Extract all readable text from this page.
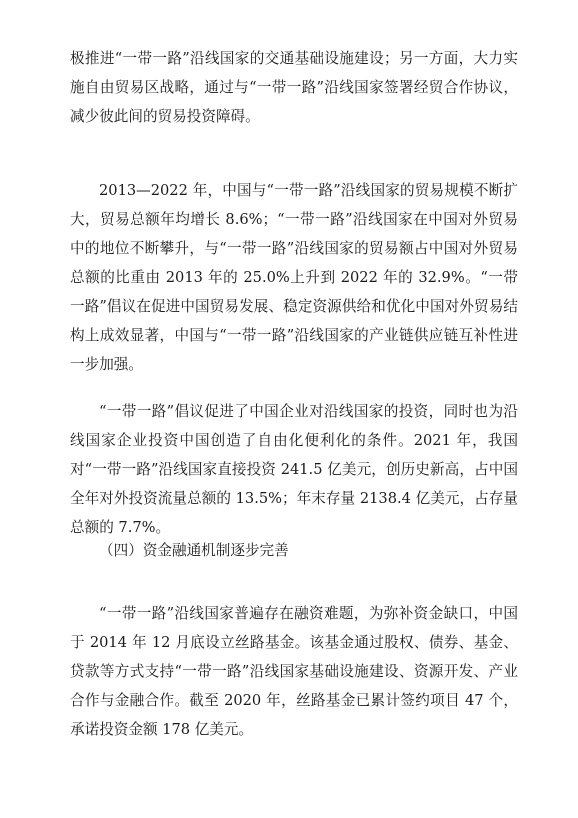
极推进“一带一路”沿线国家的交通基础设施建设；另一方面，大力实施自由贸易区战略，通过与“一带一路”沿线国家签署经贸合作协议，减少彼此间的贸易投资障碍。

2013—2022 年，中国与“一带一路”沿线国家的贸易规模不断扩大，贸易总额年均增长 8.6%；“一带一路”沿线国家在中国对外贸易中的地位不断攀升，与“一带一路”沿线国家的贸易额占中国对外贸易总额的比重由 2013 年的 25.0%上升到 2022 年的 32.9%。“一带一路”倡议在促进中国贸易发展、稳定资源供给和优化中国对外贸易结构上成效显著，中国与“一带一路”沿线国家的产业链供应链互补性进一步加强。

“一带一路”倡议促进了中国企业对沿线国家的投资，同时也为沿线国家企业投资中国创造了自由化便利化的条件。2021 年，我国对“一带一路”沿线国家直接投资 241.5 亿美元，创历史新高，占中国全年对外投资流量总额的 13.5%；年末存量 2138.4 亿美元，占存量总额的 7.7%。

（四）资金融通机制逐步完善

“一带一路”沿线国家普遍存在融资难题，为弥补资金缺口，中国于 2014 年 12 月底设立丝路基金。该基金通过股权、债券、基金、贷款等方式支持“一带一路”沿线国家基础设施建设、资源开发、产业合作与金融合作。截至 2020 年，丝路基金已累计签约项目 47 个，承诺投资金额 178 亿美元。
